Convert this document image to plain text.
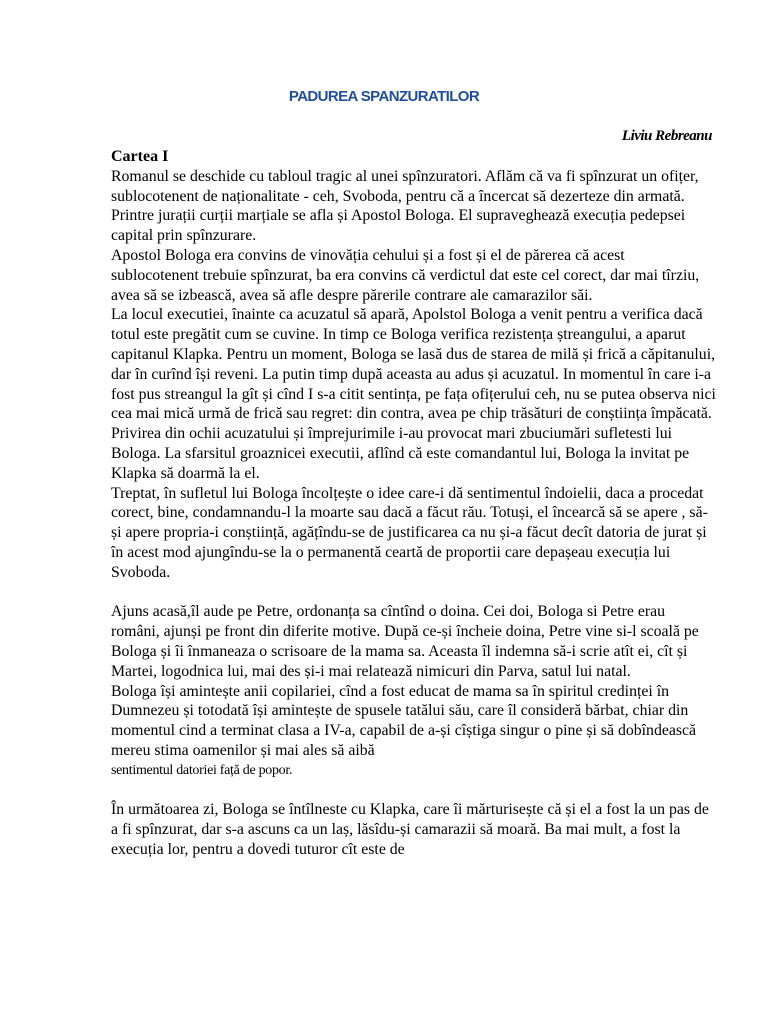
PADUREA SPANZURATILOR
Liviu Rebreanu

Cartea I

Romanul se deschide cu tabloul tragic al unei spînzuratori. Aflăm că va fi spînzurat un ofițer, sublocotenent de naționalitate - ceh, Svoboda, pentru că a încercat să dezerteze din armată.

Printre jurații curții marțiale se afla și Apostol Bologa. El supraveghează execuția pedepsei capital prin spînzurare.

Apostol Bologa era convins de vinovăția cehului și a fost și el de părerea că acest sublocotenent trebuie spînzurat, ba era convins că verdictul dat este cel corect, dar mai tîrziu, avea să se izbească, avea să afle despre părerile contrare ale camarazilor săi.

La locul executiei, înainte ca acuzatul să apară, Apolstol Bologa a venit pentru a verifica dacă totul este pregătit cum se cuvine. In timp ce Bologa verifica rezistența ștreangului, a aparut capitanul Klapka. Pentru un moment, Bologa se lasă dus de starea de milă și frică a căpitanului, dar în curînd își reveni. La putin timp după aceasta au adus și acuzatul. In momentul în care i-a fost pus streangul la gît și cînd I s-a citit sentința, pe fața ofițerului ceh, nu se putea observa nici cea mai mică urmă de frică sau regret: din contra, avea pe chip trăsături de conștiința împăcată.

Privirea din ochii acuzatului și împrejurimile i-au provocat mari zbuciumări sufletesti lui Bologa. La sfarsitul groaznicei executii, aflînd că este comandantul lui, Bologa la invitat pe Klapka să doarmă la el.

Treptat, în sufletul lui Bologa încolțește o idee care-i dă sentimentul îndoielii, daca a procedat corect, bine, condamnandu-l la moarte sau dacă a făcut rău. Totuși, el încearcă să se apere , să-și apere propria-i conștiință, agățîndu-se de justificarea ca nu și-a făcut decît datoria de jurat și în acest mod ajungîndu-se la o permanentă ceartă de proportii care depașeau execuția lui Svoboda.

Ajuns acasă,îl aude pe Petre, ordonanța sa cîntînd o doina. Cei doi, Bologa si Petre erau români, ajunși pe front din diferite motive. După ce-și încheie doina, Petre vine si-l scoală pe Bologa și îi înmaneaza o scrisoare de la mama sa. Aceasta îl indemna să-i scrie atît ei, cît și Martei, logodnica lui, mai des și-i mai relatează nimicuri din Parva, satul lui natal.

Bologa își amintește anii copilariei, cînd a fost educat de mama sa în spiritul credinței în Dumnezeu și totodată își amintește de spusele tatălui său, care îl consideră bărbat, chiar din momentul cind a terminat clasa a IV-a, capabil de a-și cîștiga singur o pine și să dobîndească mereu stima oamenilor și mai ales să aibă

sentimentul datoriei față de popor.

În următoarea zi, Bologa se întîlneste cu Klapka, care îi mărturisește că și el a fost la un pas de a fi spînzurat, dar s-a ascuns ca un laș, lăsîdu-și camarazii să moară. Ba mai mult, a fost la execuția lor, pentru a dovedi tuturor cît este de
